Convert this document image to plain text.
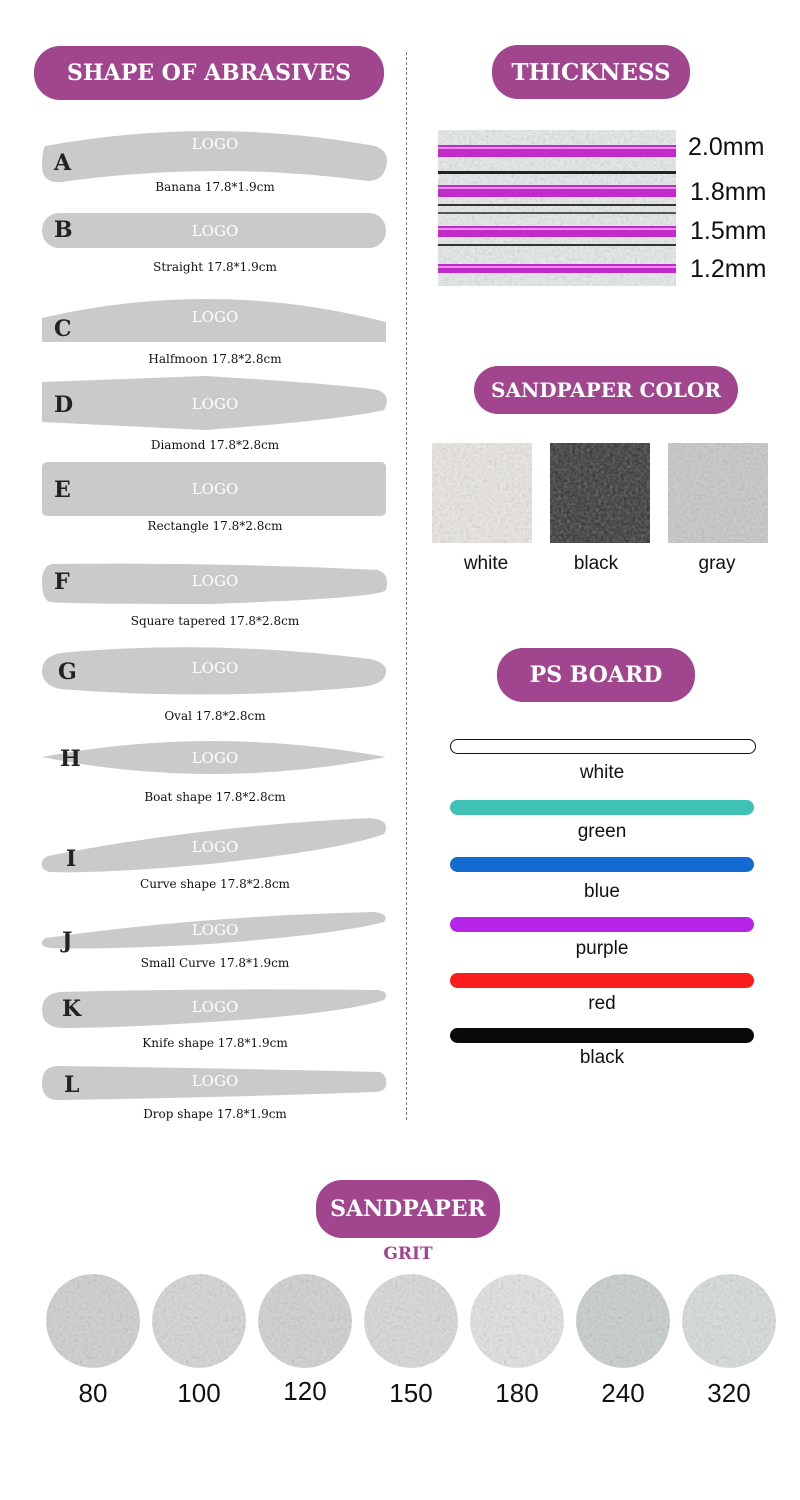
SHAPE OF ABRASIVES	THICKNESS
SANDPAPER COLOR
PS BOARD
SANDPAPER
GRIT
A
LOGO
Banana 17.8*1.9cm
B	LOGO
Straight 17.8*1.9cm
C	LOGO
Halfmoon 17.8*2.8cm
D	LOGO
Diamond 17.8*2.8cm
E	LOGO
Rectangle 17.8*2.8cm
F	LOGO
Square tapered 17.8*2.8cm
G	LOGO
Oval 17.8*2.8cm
H	LOGO
Boat shape 17.8*2.8cm
I	LOGO
Curve shape 17.8*2.8cm
J	LOGO
Small Curve 17.8*1.9cm
K	LOGO
Knife shape 17.8*1.9cm
L	LOGO
Drop shape 17.8*1.9cm
2.0mm
1.8mm
1.5mm
1.2mm
white	black	gray
white
green
blue
purple
red
black
80	100	120	150	180	240	320
